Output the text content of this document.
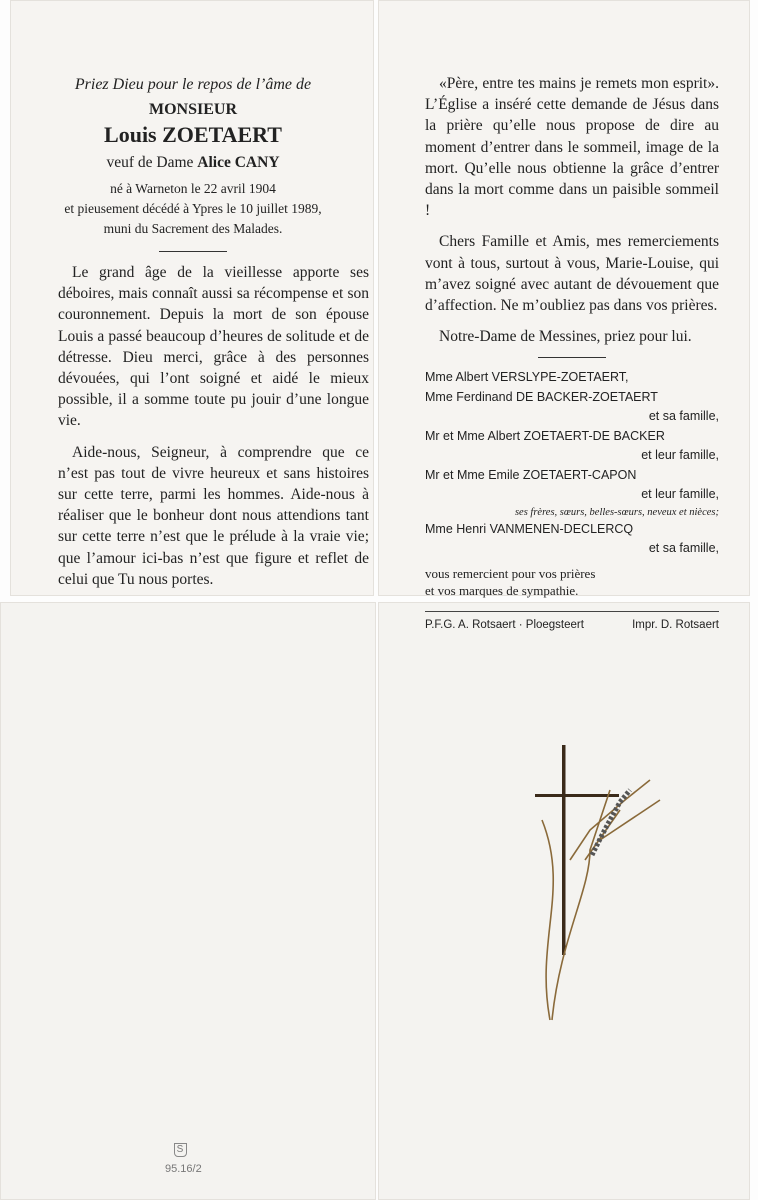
Priez Dieu pour le repos de l’âme de
MONSIEUR
Louis ZOETAERT
veuf de Dame Alice CANY
né à Warneton le 22 avril 1904
et pieusement décédé à Ypres le 10 juillet 1989,
muni du Sacrement des Malades.

Le grand âge de la vieillesse apporte ses déboires, mais connaît aussi sa récompense et son couronnement. Depuis la mort de son épouse Louis a passé beaucoup d’heures de solitude et de détresse. Dieu merci, grâce à des personnes dévouées, qui l’ont soigné et aidé le mieux possible, il a somme toute pu jouir d’une longue vie.

Aide-nous, Seigneur, à comprendre que ce n’est pas tout de vivre heureux et sans histoires sur cette terre, parmi les hommes. Aide-nous à réaliser que le bonheur dont nous attendions tant sur cette terre n’est que le prélude à la vraie vie; que l’amour ici-bas n’est que figure et reflet de celui que Tu nous portes.

«Père, entre tes mains je remets mon esprit». L’Église a inséré cette demande de Jésus dans la prière qu’elle nous propose de dire au moment d’entrer dans le sommeil, image de la mort. Qu’elle nous obtienne la grâce d’entrer dans la mort comme dans un paisible sommeil !

Chers Famille et Amis, mes remerciements vont à tous, surtout à vous, Marie-Louise, qui m’avez soigné avec autant de dévouement que d’affection. Ne m’oubliez pas dans vos prières.

Notre-Dame de Messines, priez pour lui.

Mme Albert VERSLYPE-ZOETAERT,
Mme Ferdinand DE BACKER-ZOETAERT
et sa famille,
Mr et Mme Albert ZOETAERT-DE BACKER
et leur famille,
Mr et Mme Emile ZOETAERT-CAPON
et leur famille,
ses frères, sœurs, belles-sœurs, neveux et nièces;
Mme Henri VANMENEN-DECLERCQ
et sa famille,
vous remercient pour vos prières
et vos marques de sympathie.
P.F.G. A. Rotsaert · Ploegsteert	Impr. D. Rotsaert
S
95.16/2
